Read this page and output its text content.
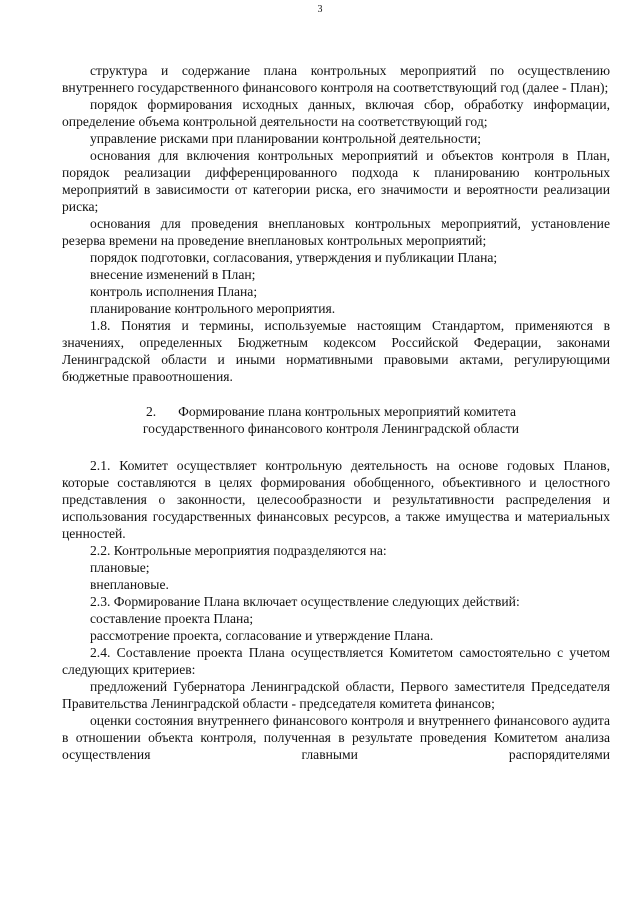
3

структура и содержание плана контрольных мероприятий по осуществлению внутреннего государственного финансового контроля на соответствующий год (далее - План);

порядок формирования исходных данных, включая сбор, обработку информации, определение объема контрольной деятельности на соответствующий год;

управление рисками при планировании контрольной деятельности;

основания для включения контрольных мероприятий и объектов контроля в План, порядок реализации дифференцированного подхода к планированию контрольных мероприятий в зависимости от категории риска, его значимости и вероятности реализации риска;

основания для проведения внеплановых контрольных мероприятий, установление резерва времени на проведение внеплановых контрольных мероприятий;

порядок подготовки, согласования, утверждения и публикации Плана;

внесение изменений в План;

контроль исполнения Плана;

планирование контрольного мероприятия.

1.8. Понятия и термины, используемые настоящим Стандартом, применяются в значениях, определенных Бюджетным кодексом Российской Федерации, законами Ленинградской области и иными нормативными правовыми актами, регулирующими бюджетные правоотношения.

2. Формирование плана контрольных мероприятий комитета
государственного финансового контроля Ленинградской области

2.1. Комитет осуществляет контрольную деятельность на основе годовых Планов, которые составляются в целях формирования обобщенного, объективного и целостного представления о законности, целесообразности и результативности распределения и использования государственных финансовых ресурсов, а также имущества и материальных ценностей.

2.2. Контрольные мероприятия подразделяются на:

плановые;

внеплановые.

2.3. Формирование Плана включает осуществление следующих действий:

составление проекта Плана;

рассмотрение проекта, согласование и утверждение Плана.

2.4. Составление проекта Плана осуществляется Комитетом самостоятельно с учетом следующих критериев:

предложений Губернатора Ленинградской области, Первого заместителя Председателя Правительства Ленинградской области - председателя комитета финансов;

оценки состояния внутреннего финансового контроля и внутреннего финансового аудита в отношении объекта контроля, полученная в результате проведения Комитетом анализа осуществления главными распорядителями
